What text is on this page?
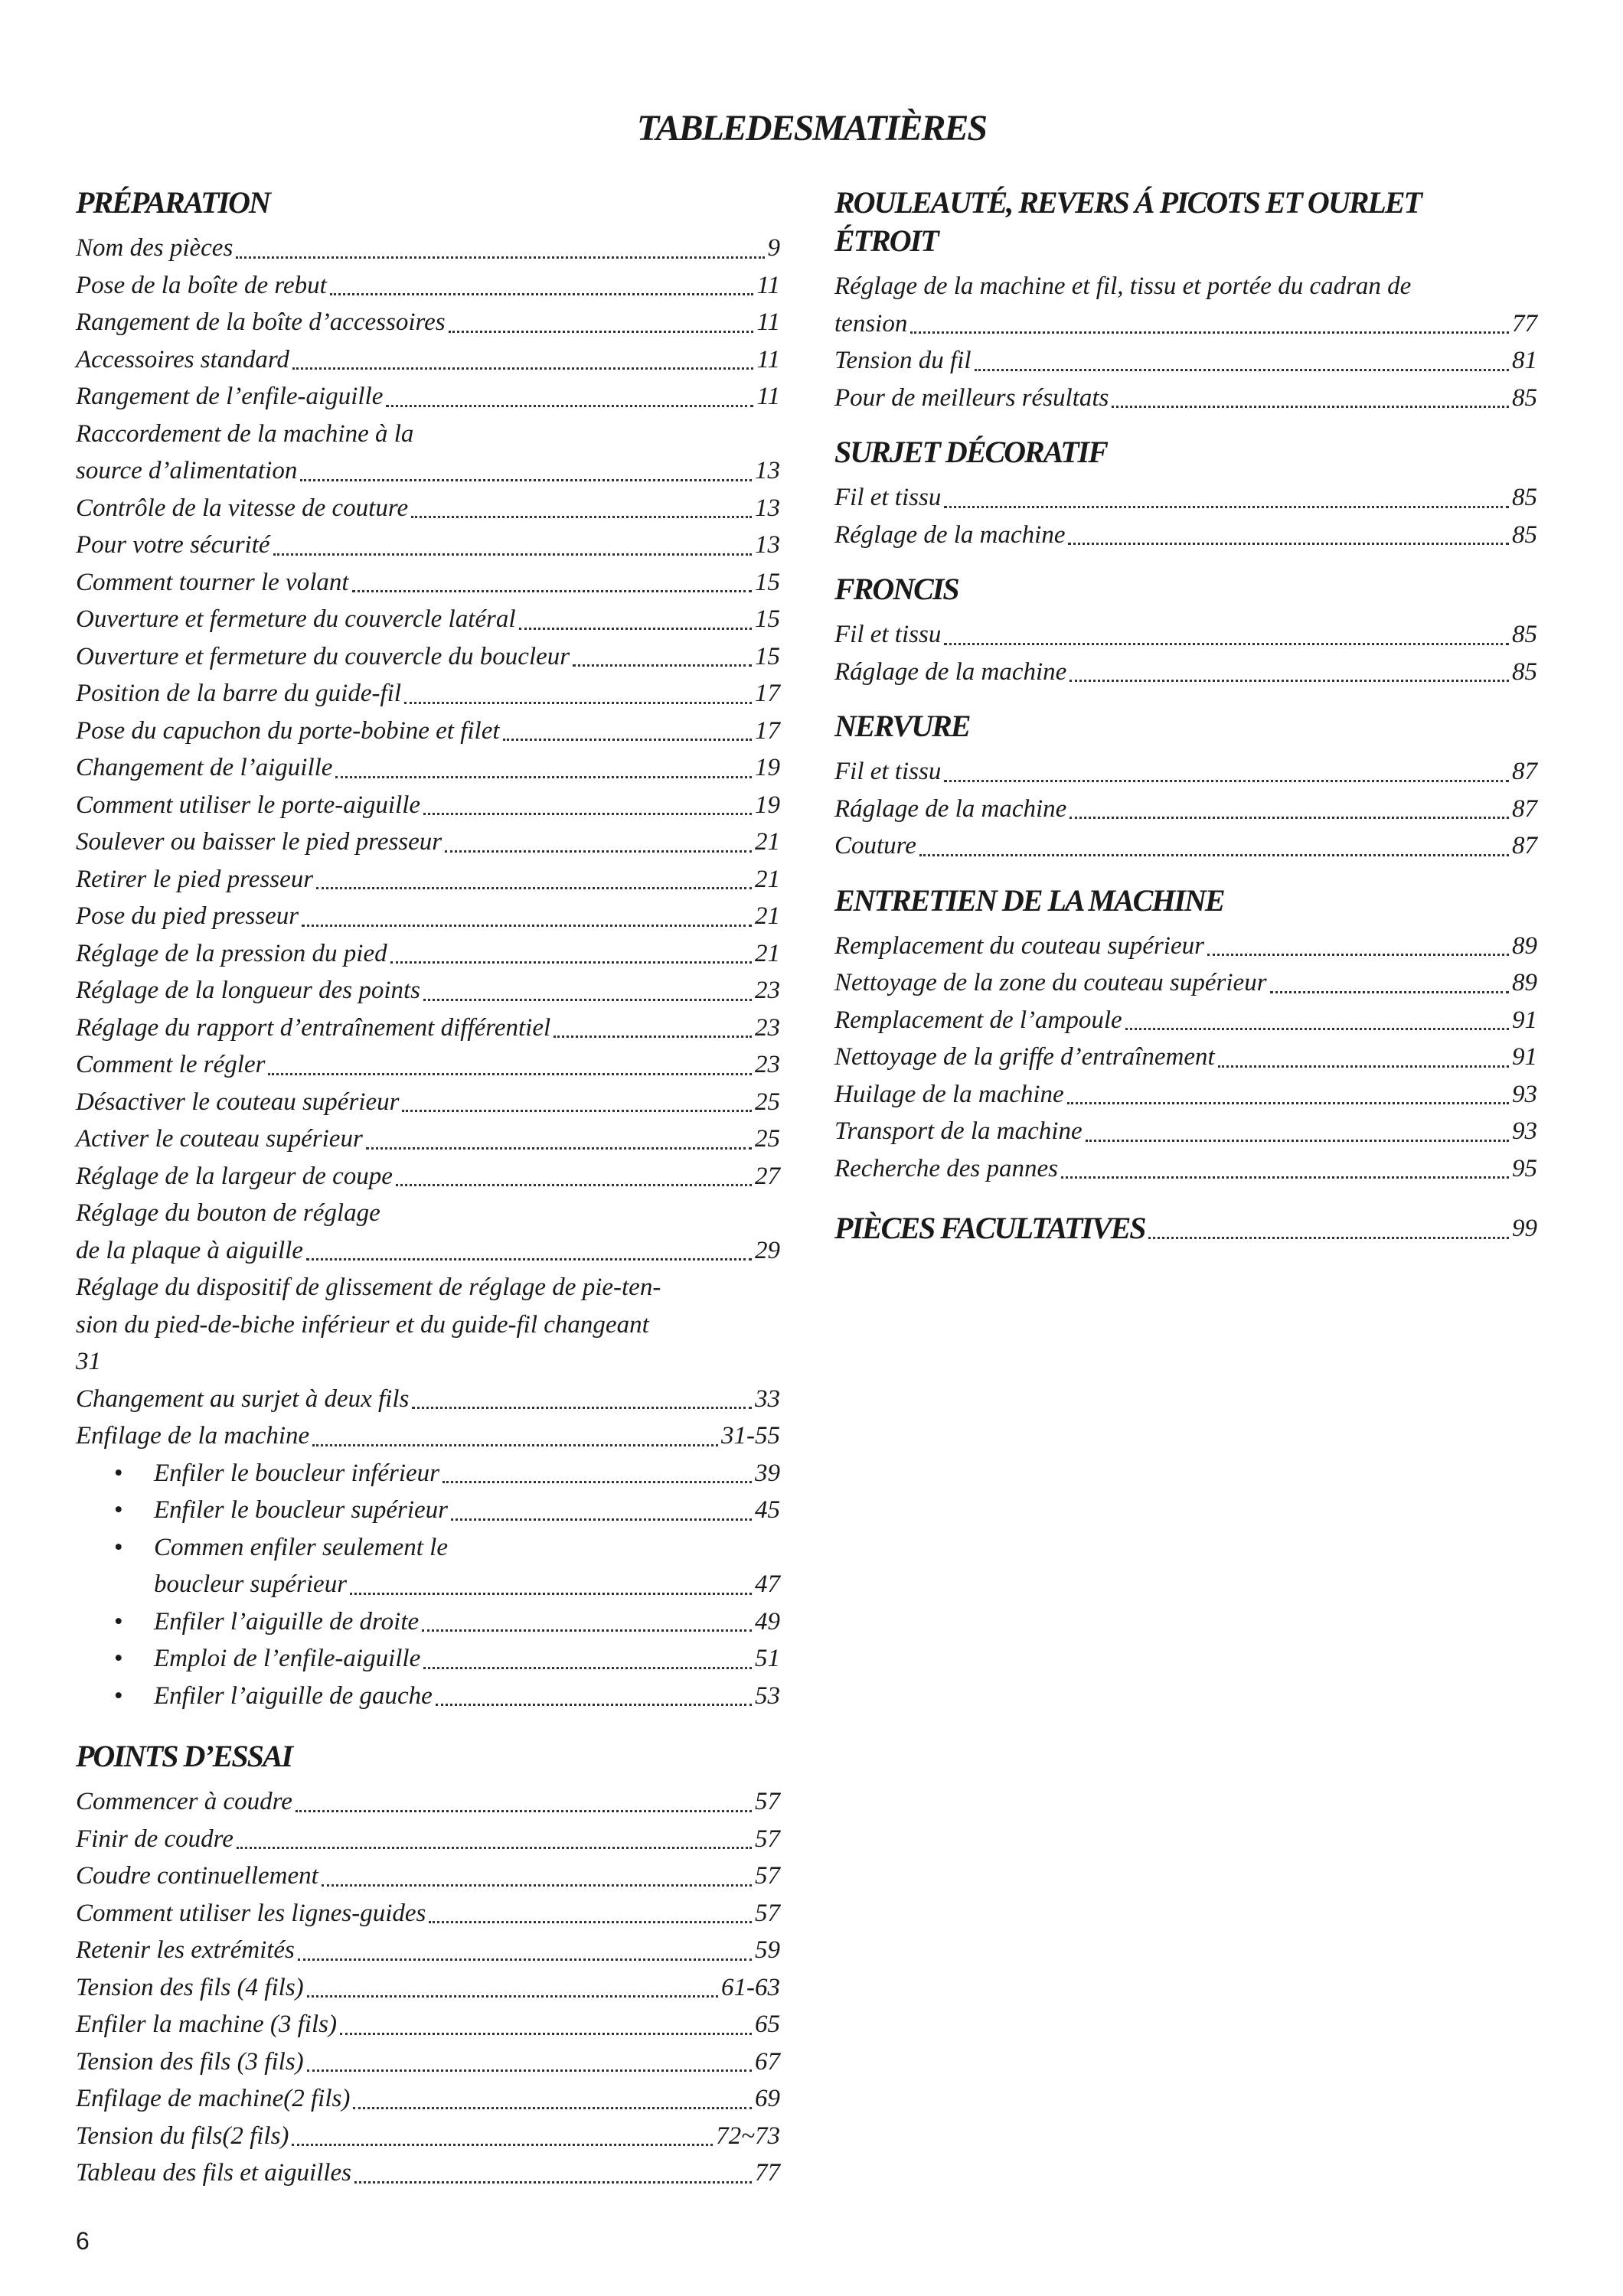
TABLEDESMATIÈRES
PRÉPARATION
Nom des pièces	9
Pose de la boîte de rebut	11
Rangement de la boîte d’accessoires	11
Accessoires standard	11
Rangement de l’enfile-aiguille	11
Raccordement de la machine à la
source d’alimentation	13
Contrôle de la vitesse de couture	13
Pour votre sécurité	13
Comment tourner le volant	15
Ouverture et fermeture du couvercle latéral	15
Ouverture et fermeture du couvercle du boucleur	15
Position de la barre du guide-fil	17
Pose du capuchon du porte-bobine et filet	17
Changement de l’aiguille	19
Comment utiliser le porte-aiguille	19
Soulever ou baisser le pied presseur	21
Retirer le pied presseur	21
Pose du pied presseur	21
Réglage de la pression du pied	21
Réglage de la longueur des points	23
Réglage du rapport d’entraînement différentiel	23
Comment le régler	23
Désactiver le couteau supérieur	25
Activer le couteau supérieur	25
Réglage de la largeur de coupe	27
Réglage du bouton de réglage
de la plaque à aiguille	29
Réglage du dispositif de glissement de réglage de pie-ten-
sion du pied-de-biche inférieur et du guide-fil changeant
31
Changement au surjet à deux fils	33
Enfilage de la machine	31-55
• Enfiler le boucleur inférieur	39
• Enfiler le boucleur supérieur	45
• Commen enfiler seulement le
boucleur supérieur	47
• Enfiler l’aiguille de droite	49
• Emploi de l’enfile-aiguille	51
• Enfiler l’aiguille de gauche	53
POINTS D’ESSAI
Commencer à coudre	57
Finir de coudre	57
Coudre continuellement	57
Comment utiliser les lignes-guides	57
Retenir les extrémités	59
Tension des fils (4 fils)	61-63
Enfiler la machine (3 fils)	65
Tension des fils (3 fils)	67
Enfilage de machine(2 fils)	69
Tension du fils(2 fils)	72~73
Tableau des fils et aiguilles	77
ROULEAUTÉ, REVERS Á PICOTS ET OURLET
ÉTROIT
Réglage de la machine et fil, tissu et portée du cadran de
tension	77
Tension du fil	81
Pour de meilleurs résultats	85
SURJET DÉCORATIF
Fil et tissu	85
Réglage de la machine	85
FRONCIS
Fil et tissu	85
Ráglage de la machine	85
NERVURE
Fil et tissu	87
Ráglage de la machine	87
Couture	87
ENTRETIEN DE LA MACHINE
Remplacement du couteau supérieur	89
Nettoyage de la zone du couteau supérieur	89
Remplacement de l’ampoule	91
Nettoyage de la griffe d’entraînement	91
Huilage de la machine	93
Transport de la machine	93
Recherche des pannes	95
PIÈCES FACULTATIVES	99
6
